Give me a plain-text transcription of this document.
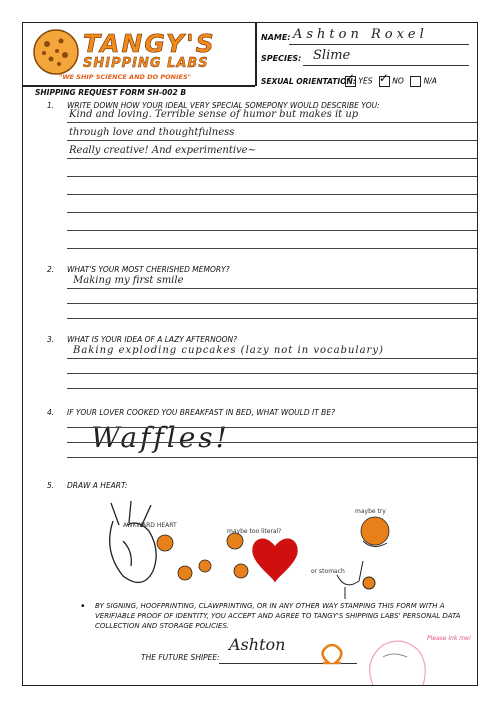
TANGY'S
SHIPPING LABS
"WE SHIP SCIENCE AND DO PONIES"
SHIPPING REQUEST FORM SH-002 B
NAME: Ashton Roxel
SPECIES: Slime
SEXUAL ORIENTATION: ✓ YES ✓	NO	N/A
1. WRITE DOWN HOW YOUR IDEAL VERY SPECIAL SOMEPONY WOULD DESCRIBE YOU:
Kind and loving. Terrible sense of humor but makes it up
through love and thoughtfulness
Really creative! And experimentive~
2. WHAT'S YOUR MOST CHERISHED MEMORY?
Making my first smile
3. WHAT IS YOUR IDEA OF A LAZY AFTERNOON?
Baking exploding cupcakes (lazy not in vocabulary)
4. IF YOUR LOVER COOKED YOU BREAKFAST IN BED, WHAT WOULD IT BE?
Waffles!
5. DRAW A HEART:
AWKWARD HEART
maybe too literal?
maybe try
or stomach
• BY SIGNING, HOOFPRINTING, CLAWPRINTING, OR IN ANY OTHER WAY STAMPING THIS FORM WITH A VERIFIABLE PROOF OF IDENTITY, YOU ACCEPT AND AGREE TO TANGY'S SHIPPING LABS' PERSONAL DATA COLLECTION AND STORAGE POLICIES.
THE FUTURE SHIPEE:
Ashton	Please ink me!
